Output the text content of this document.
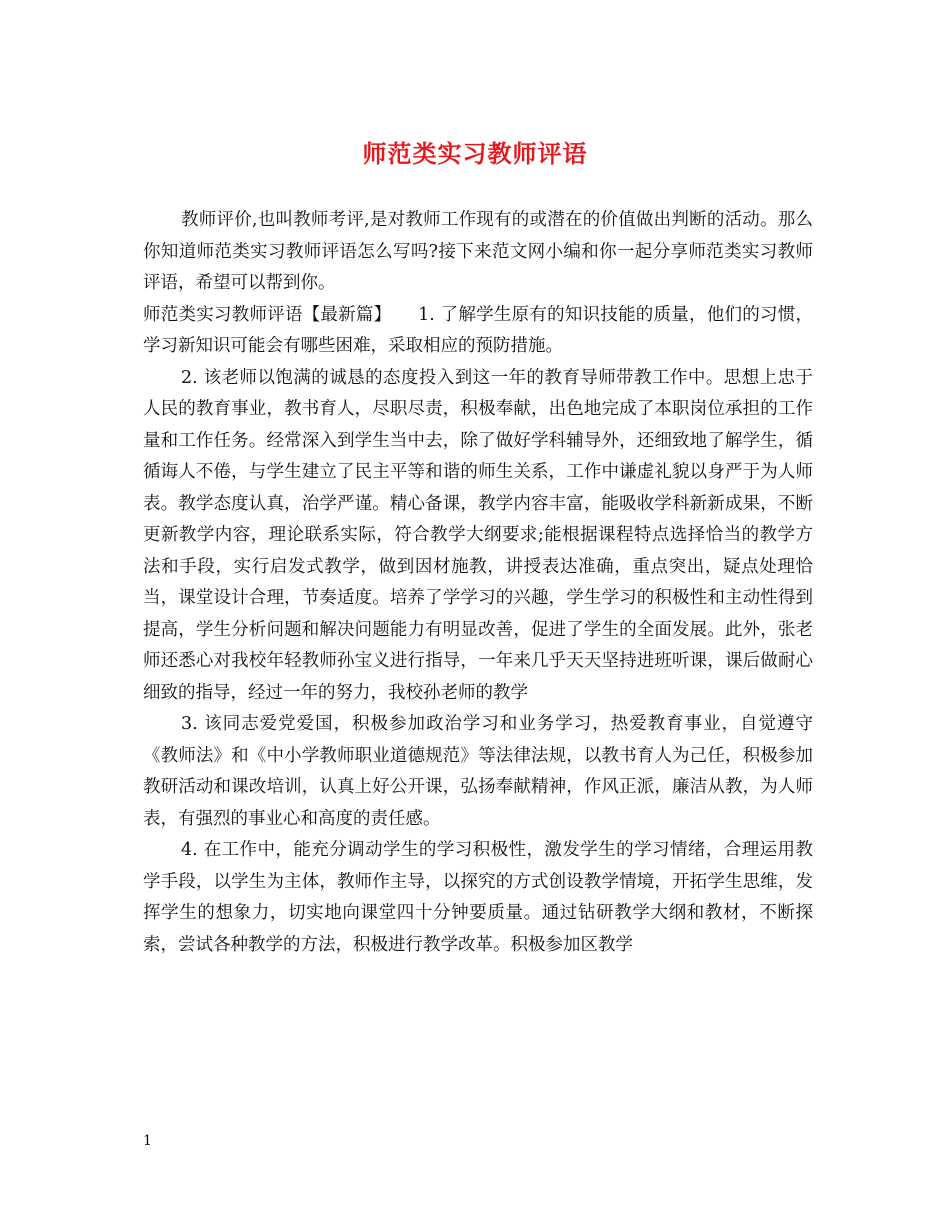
师范类实习教师评语

教师评价,也叫教师考评,是对教师工作现有的或潜在的价值做出判断的活动。那么你知道师范类实习教师评语怎么写吗?接下来范文网小编和你一起分享师范类实习教师评语，希望可以帮到你。

师范类实习教师评语【最新篇】　　1. 了解学生原有的知识技能的质量，他们的习惯，学习新知识可能会有哪些困难，采取相应的预防措施。

2. 该老师以饱满的诚恳的态度投入到这一年的教育导师带教工作中。思想上忠于人民的教育事业，教书育人，尽职尽责，积极奉献，出色地完成了本职岗位承担的工作量和工作任务。经常深入到学生当中去，除了做好学科辅导外，还细致地了解学生，循循诲人不倦，与学生建立了民主平等和谐的师生关系，工作中谦虚礼貌以身严于为人师表。教学态度认真，治学严谨。精心备课，教学内容丰富，能吸收学科新新成果，不断更新教学内容，理论联系实际，符合教学大纲要求;能根据课程特点选择恰当的教学方法和手段，实行启发式教学，做到因材施教，讲授表达准确，重点突出，疑点处理恰当，课堂设计合理，节奏适度。培养了学学习的兴趣，学生学习的积极性和主动性得到提高，学生分析问题和解决问题能力有明显改善，促进了学生的全面发展。此外，张老师还悉心对我校年轻教师孙宝义进行指导，一年来几乎天天坚持进班听课，课后做耐心细致的指导，经过一年的努力，我校孙老师的教学

3. 该同志爱党爱国，积极参加政治学习和业务学习，热爱教育事业，自觉遵守《教师法》和《中小学教师职业道德规范》等法律法规，以教书育人为己任，积极参加教研活动和课改培训，认真上好公开课，弘扬奉献精神，作风正派，廉洁从教，为人师表，有强烈的事业心和高度的责任感。

4. 在工作中，能充分调动学生的学习积极性，激发学生的学习情绪，合理运用教学手段，以学生为主体，教师作主导，以探究的方式创设教学情境，开拓学生思维，发挥学生的想象力，切实地向课堂四十分钟要质量。通过钻研教学大纲和教材，不断探索，尝试各种教学的方法，积极进行教学改革。积极参加区教学

1
